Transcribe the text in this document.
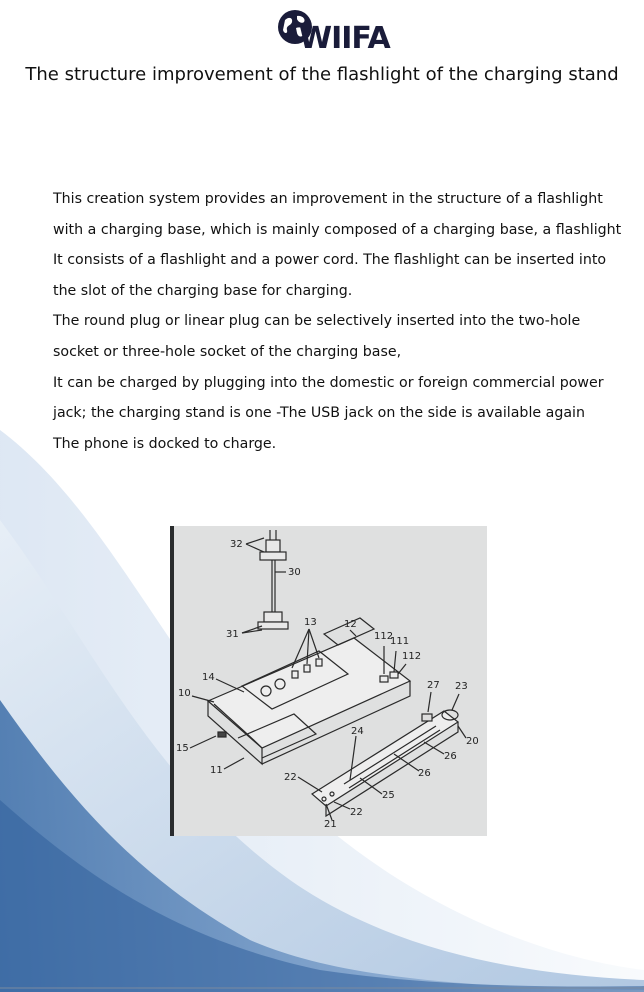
WIIFA
The structure improvement of the flashlight of the charging stand
This creation system provides an improvement in the structure of a flashlight
with a charging base, which is mainly composed of a charging base, a flashlight
It consists of a flashlight and a power cord. The flashlight can be inserted into
the slot of the charging base for charging.
The round plug or linear plug can be selectively inserted into the two-hole
socket or three-hole socket of the charging base,
It can be charged by plugging into the domestic or foreign commercial power
jack; the charging stand is one -The USB jack on the side is available again
The phone is docked to charge.
32
30
31
13	12
112
111
112
14
10
27 23
20
24
26
26
15
11
22
25
22
21
